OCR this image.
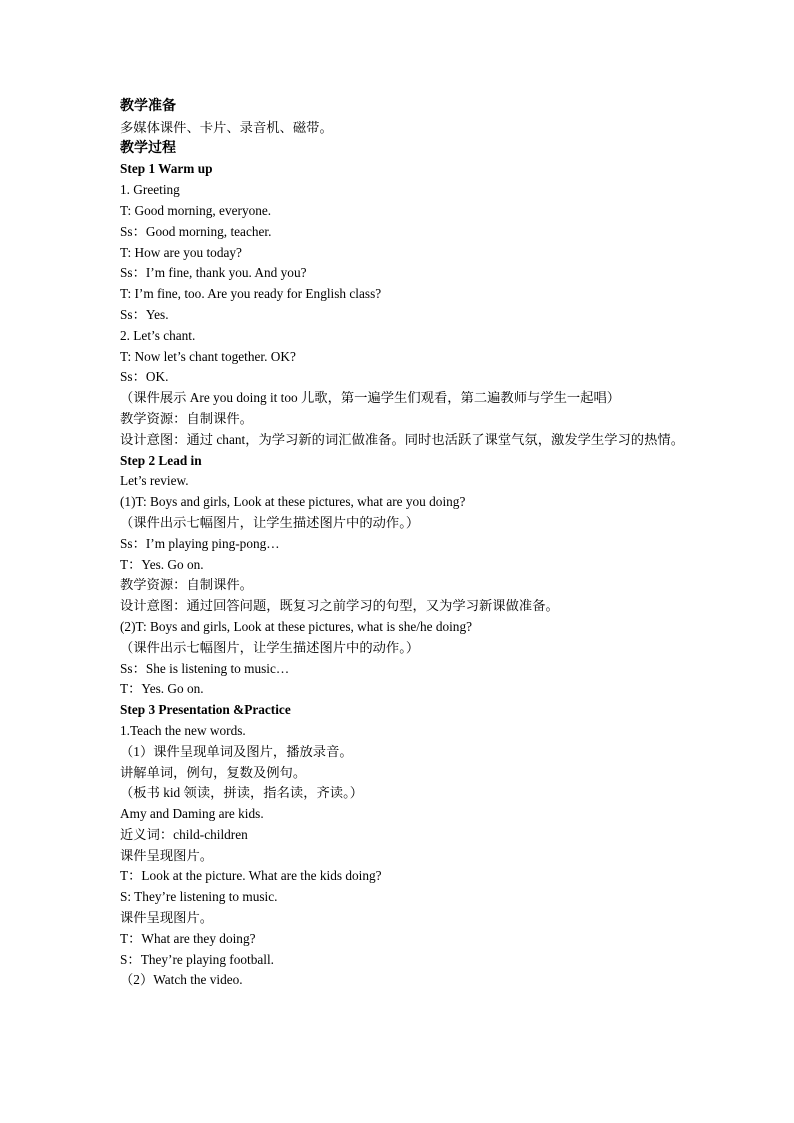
教学准备
多媒体课件、卡片、录音机、磁带。
教学过程
Step 1 Warm up
1. Greeting
T: Good morning, everyone.
Ss：Good morning, teacher.
T: How are you today?
Ss：I’m fine, thank you. And you?
T: I’m fine, too. Are you ready for English class?
Ss：Yes.
2. Let’s chant.
T: Now let’s chant together. OK?
Ss：OK.
（课件展示 Are you doing it too 儿歌，第一遍学生们观看，第二遍教师与学生一起唱）
教学资源：自制课件。
设计意图：通过 chant，为学习新的词汇做准备。同时也活跃了课堂气氛，激发学生学习的热情。
Step 2 Lead in
Let’s review.
(1)T: Boys and girls, Look at these pictures, what are you doing?
（课件出示七幅图片，让学生描述图片中的动作。）
Ss：I’m playing ping-pong…
T：Yes. Go on.
教学资源：自制课件。
设计意图：通过回答问题，既复习之前学习的句型，又为学习新课做准备。
(2)T: Boys and girls, Look at these pictures, what is she/he doing?
（课件出示七幅图片，让学生描述图片中的动作。）
Ss：She is listening to music…
T：Yes. Go on.
Step 3 Presentation &Practice
1.Teach the new words.
（1）课件呈现单词及图片，播放录音。
讲解单词，例句，复数及例句。
（板书 kid 领读，拼读，指名读，齐读。）
Amy and Daming are kids.
近义词：child-children
课件呈现图片。
T：Look at the picture. What are the kids doing?
S: They’re listening to music.
课件呈现图片。
T：What are they doing?
S：They’re playing football.
（2）Watch the video.
